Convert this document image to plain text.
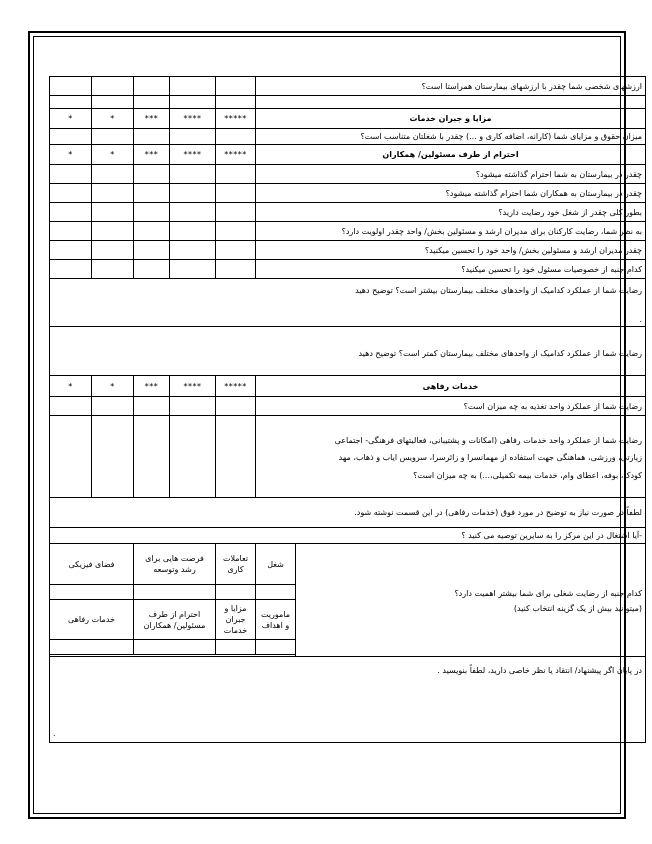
					ارزشهای شخصی شما چقدر با ارزشهای بیمارستان همراستا است؟	

*	*	***	****	*****	مزایا و جبران خدمات	
					میزان حقوق و مزایای شما (کارانه، اضافه کاری و ...) چقدر با شغلتان متناسب است؟	
*	*	***	****	*****	احترام از طرف مسئولین/ همکاران	
					چقدر در بیمارستان به شما احترام گذاشته میشود؟	
					چقدر در بیمارستان به همکاران شما احترام گذاشته میشود؟	
					بطور کلی چقدر از شغل خود رضایت دارید؟	
					به نظر شما، رضایت کارکنان برای مدیران ارشد و مسئولین بخش/ واحد چقدر اولویت دارد؟	
					چقدر مدیران ارشد و مسئولین بخش/ واحد خود را تحسین میکنید؟	
					کدام جنبه از خصوصیات مسئول خود را تحسین میکنید؟	

رضایت شما از عملکرد کدامیک از واحدهای مختلف بیمارستان بیشتر است؟ توضیح دهید
.						

رضایت شما از عملکرد کدامیک از واحدهای مختلف بیمارستان کمتر است؟ توضیح دهید						

*	*	***	****	*****	خدمات رفاهی	
					رضایت شما از عملکرد واحد تغذیه به چه میزان است؟	

					رضایت شما از عملکرد واحد خدمات رفاهی (امکانات و پشتیبانی، فعالیتهای فرهنگی- اجتماعی
زیارتی، ورزشی، هماهنگی جهت استفاده از مهمانسرا و زائرسرا، سرویس ایاب و ذهاب، مهد
کودک، بوفه، اعطای وام، خدمات بیمه تکمیلی،...) به چه میزان است؟	

لطفاً در صورت نیاز به توضیح در مورد فوق (خدمات رفاهی) در این قسمت نوشته شود.						
-آیا اشتغال در این مرکز را به سایرین توصیه می کنید ؟						
فضای فیزیکی		فرصت هایی برای رشد وتوسعه		تعاملات کاری	شغل	کدام جنبه از رضایت شغلی برای شما بیشتر اهمیت دارد؟
(میتوانید بیش از یک گزینه انتخاب کنید)

خدمات رفاهی		احترام از طرف مسئولین/ همکاران		مزایا و جبران خدمات	ماموریت و اهداف	

در پایان اگر پیشنهاد/ انتقاد یا نظر خاصی دارید، لطفاً بنویسید .
.						
